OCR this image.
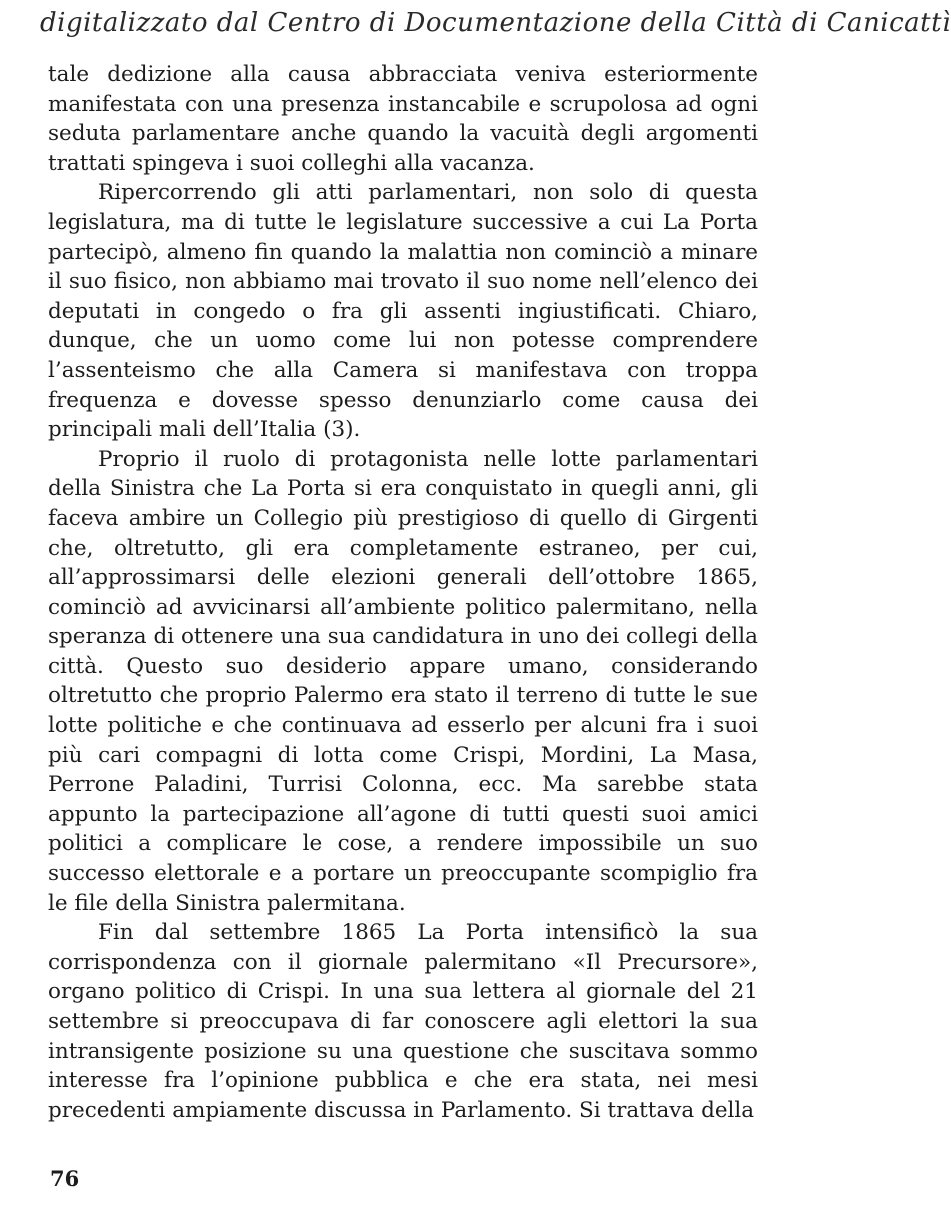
digitalizzato dal Centro di Documentazione della Città di Canicattì

tale dedizione alla causa abbracciata veniva esteriormente manifestata con una presenza instancabile e scrupolosa ad ogni seduta parlamentare anche quando la vacuità degli argomenti trattati spingeva i suoi colleghi alla vacanza.

Ripercorrendo gli atti parlamentari, non solo di questa legislatura, ma di tutte le legislature successive a cui La Porta partecipò, almeno fin quando la malattia non cominciò a minare il suo fisico, non abbiamo mai trovato il suo nome nell’elenco dei deputati in congedo o fra gli assenti ingiustificati. Chiaro, dunque, che un uomo come lui non potesse comprendere l’assenteismo che alla Camera si manifestava con troppa frequenza e dovesse spesso denunziarlo come causa dei principali mali dell’Italia (3).

Proprio il ruolo di protagonista nelle lotte parlamentari della Sinistra che La Porta si era conquistato in quegli anni, gli faceva ambire un Collegio più prestigioso di quello di Girgenti che, oltretutto, gli era completamente estraneo, per cui, all’approssimarsi delle elezioni generali dell’ottobre 1865, cominciò ad avvicinarsi all’ambiente politico palermitano, nella speranza di ottenere una sua candidatura in uno dei collegi della città. Questo suo desiderio appare umano, considerando oltretutto che proprio Palermo era stato il terreno di tutte le sue lotte politiche e che continuava ad esserlo per alcuni fra i suoi più cari compagni di lotta come Crispi, Mordini, La Masa, Perrone Paladini, Turrisi Colonna, ecc. Ma sarebbe stata appunto la partecipazione all’agone di tutti questi suoi amici politici a complicare le cose, a rendere impossibile un suo successo elettorale e a portare un preoccupante scompiglio fra le file della Sinistra palermitana.

Fin dal settembre 1865 La Porta intensificò la sua corrispondenza con il giornale palermitano «Il Precursore», organo politico di Crispi. In una sua lettera al giornale del 21 settembre si preoccupava di far conoscere agli elettori la sua intransigente posizione su una questione che suscitava sommo interesse fra l’opinione pubblica e che era stata, nei mesi precedenti ampiamente discussa in Parlamento. Si trattava della

76
